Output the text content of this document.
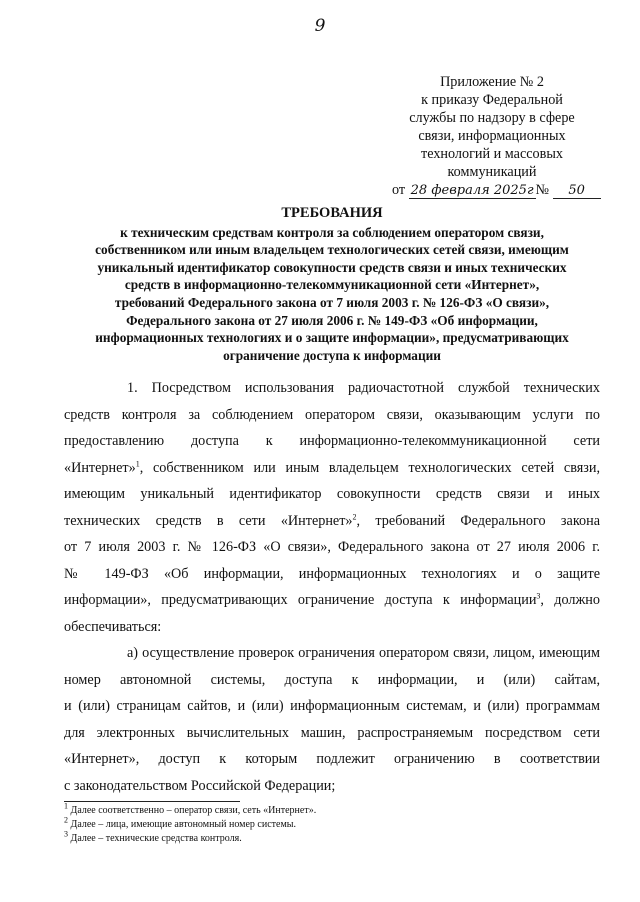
9
Приложение № 2
к приказу Федеральной
службы по надзору в сфере
связи, информационных
технологий и массовых
коммуникаций
от 28 февраля 2025г № 50
ТРЕБОВАНИЯ
к техническим средствам контроля за соблюдением оператором связи,
собственником или иным владельцем технологических сетей связи, имеющим
уникальный идентификатор совокупности средств связи и иных технических
средств в информационно-телекоммуникационной сети «Интернет»,
требований Федерального закона от 7 июля 2003 г. № 126-ФЗ «О связи»,
Федерального закона от 27 июля 2006 г. № 149-ФЗ «Об информации,
информационных технологиях и о защите информации», предусматривающих
ограничение доступа к информации
1. Посредством использования радиочастотной службой технических
средств контроля за соблюдением оператором связи, оказывающим услуги по
предоставлению доступа к информационно-телекоммуникационной сети
«Интернет»$^1$, собственником или иным владельцем технологических сетей связи,
имеющим уникальный идентификатор совокупности средств связи и иных
технических средств в сети «Интернет»$^2$, требований Федерального закона
от 7 июля 2003 г. № 126-ФЗ «О связи», Федерального закона от 27 июля 2006 г.
№ 149-ФЗ «Об информации, информационных технологиях и о защите
информации», предусматривающих ограничение доступа к информации$^3$, должно
обеспечиваться:
а) осуществление проверок ограничения оператором связи, лицом, имеющим
номер автономной системы, доступа к информации, и (или) сайтам,
и (или) страницам сайтов, и (или) информационным системам, и (или) программам
для электронных вычислительных машин, распространяемым посредством сети
«Интернет», доступ к которым подлежит ограничению в соответствии
с законодательством Российской Федерации;
$^1$ Далее соответственно – оператор связи, сеть «Интернет».
$^2$ Далее – лица, имеющие автономный номер системы.
$^3$ Далее – технические средства контроля.
